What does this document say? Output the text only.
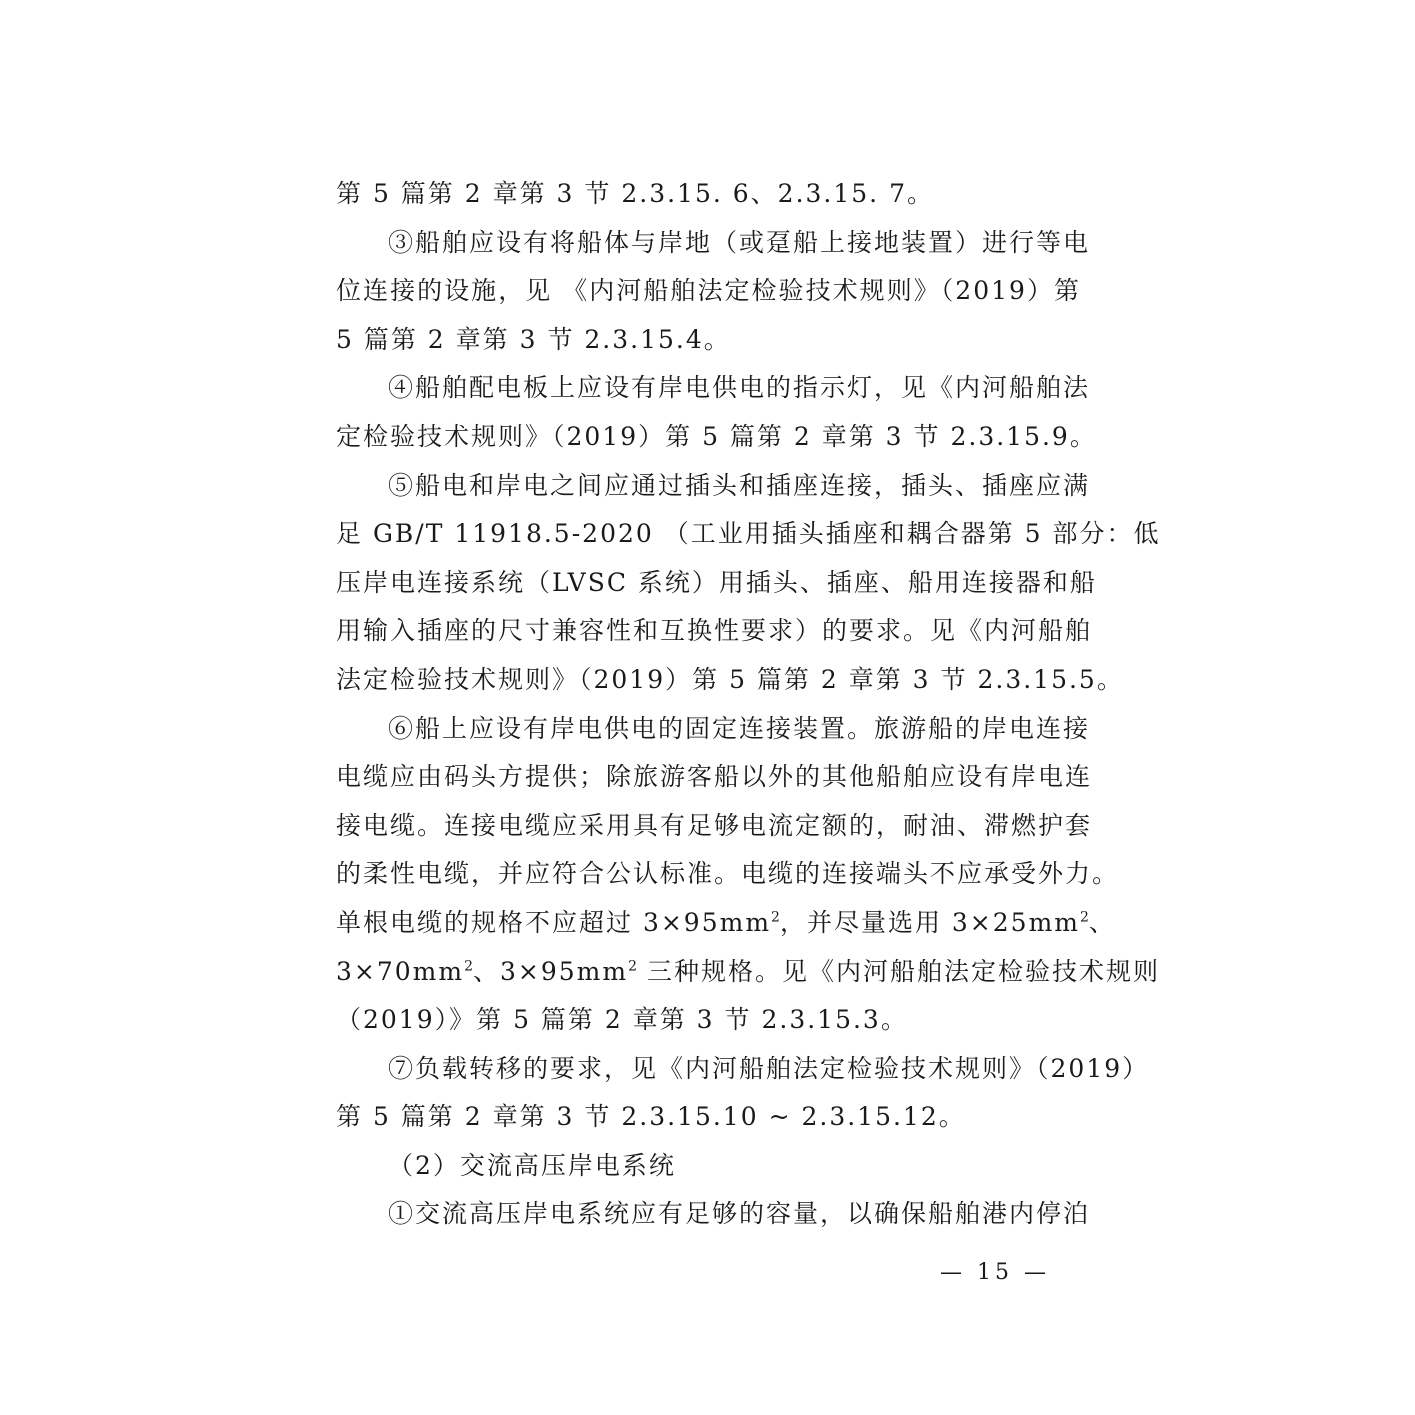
第 5 篇第 2 章第 3 节 2.3.15. 6、2.3.15. 7。
③船舶应设有将船体与岸地（或趸船上接地装置）进行等电
位连接的设施，见 《内河船舶法定检验技术规则》（2019）第
5 篇第 2 章第 3 节 2.3.15.4。
④船舶配电板上应设有岸电供电的指示灯，见《内河船舶法
定检验技术规则》（2019）第 5 篇第 2 章第 3 节 2.3.15.9。
⑤船电和岸电之间应通过插头和插座连接，插头、插座应满
足 GB/T 11918.5-2020 （工业用插头插座和耦合器第 5 部分：低
压岸电连接系统（LVSC 系统）用插头、插座、船用连接器和船
用输入插座的尺寸兼容性和互换性要求）的要求。见《内河船舶
法定检验技术规则》（2019）第 5 篇第 2 章第 3 节 2.3.15.5。
⑥船上应设有岸电供电的固定连接装置。旅游船的岸电连接
电缆应由码头方提供；除旅游客船以外的其他船舶应设有岸电连
接电缆。连接电缆应采用具有足够电流定额的，耐油、滞燃护套
的柔性电缆，并应符合公认标准。电缆的连接端头不应承受外力。
单根电缆的规格不应超过 $3\times 95mm^2$，并尽量选用 $3\times 25mm^2$、
$3\times 70mm^2$、$3\times 95mm^2$ 三种规格。见《内河船舶法定检验技术规则
（2019）》第 5 篇第 2 章第 3 节 2.3.15.3。
⑦负载转移的要求，见《内河船舶法定检验技术规则》（2019）
第 5 篇第 2 章第 3 节 2.3.15.10 ~ 2.3.15.12。
（2）交流高压岸电系统
①交流高压岸电系统应有足够的容量，以确保船舶港内停泊
— 15 —
